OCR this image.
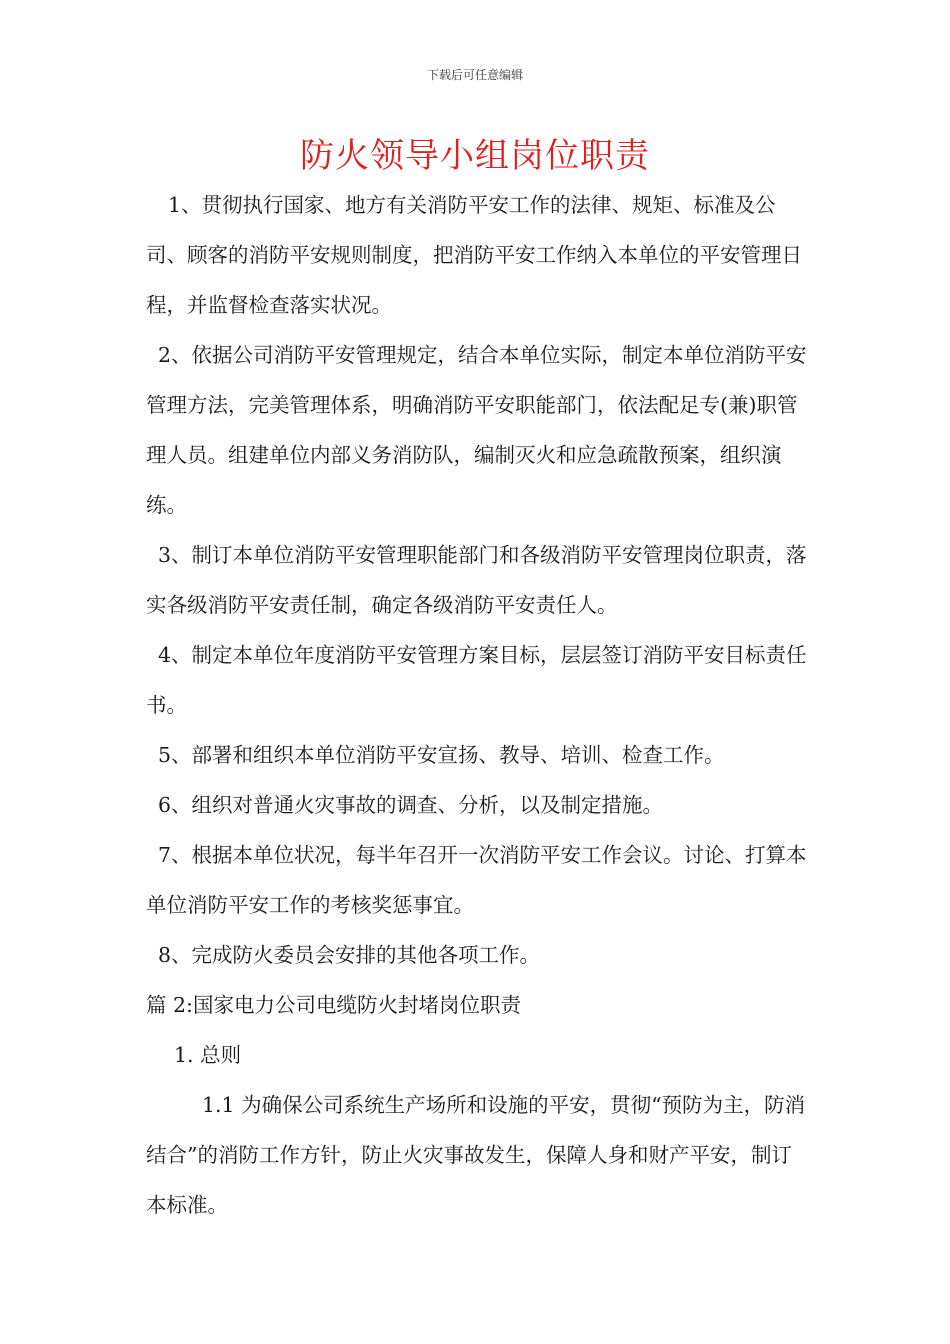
下载后可任意编辑
防火领导小组岗位职责

1、贯彻执行国家、地方有关消防平安工作的法律、规矩、标准及公司、顾客的消防平安规则制度，把消防平安工作纳入本单位的平安管理日程，并监督检查落实状况。

2、依据公司消防平安管理规定，结合本单位实际，制定本单位消防平安管理方法，完美管理体系，明确消防平安职能部门，依法配足专(兼)职管理人员。组建单位内部义务消防队，编制灭火和应急疏散预案，组织演练。

3、制订本单位消防平安管理职能部门和各级消防平安管理岗位职责，落实各级消防平安责任制，确定各级消防平安责任人。

4、制定本单位年度消防平安管理方案目标，层层签订消防平安目标责任书。

5、部署和组织本单位消防平安宣扬、教导、培训、检查工作。

6、组织对普通火灾事故的调查、分析，以及制定措施。

7、根据本单位状况，每半年召开一次消防平安工作会议。讨论、打算本单位消防平安工作的考核奖惩事宜。

8、完成防火委员会安排的其他各项工作。

篇 2:国家电力公司电缆防火封堵岗位职责

1. 总则

1.1 为确保公司系统生产场所和设施的平安，贯彻“预防为主，防消结合”的消防工作方针，防止火灾事故发生，保障人身和财产平安，制订本标准。
